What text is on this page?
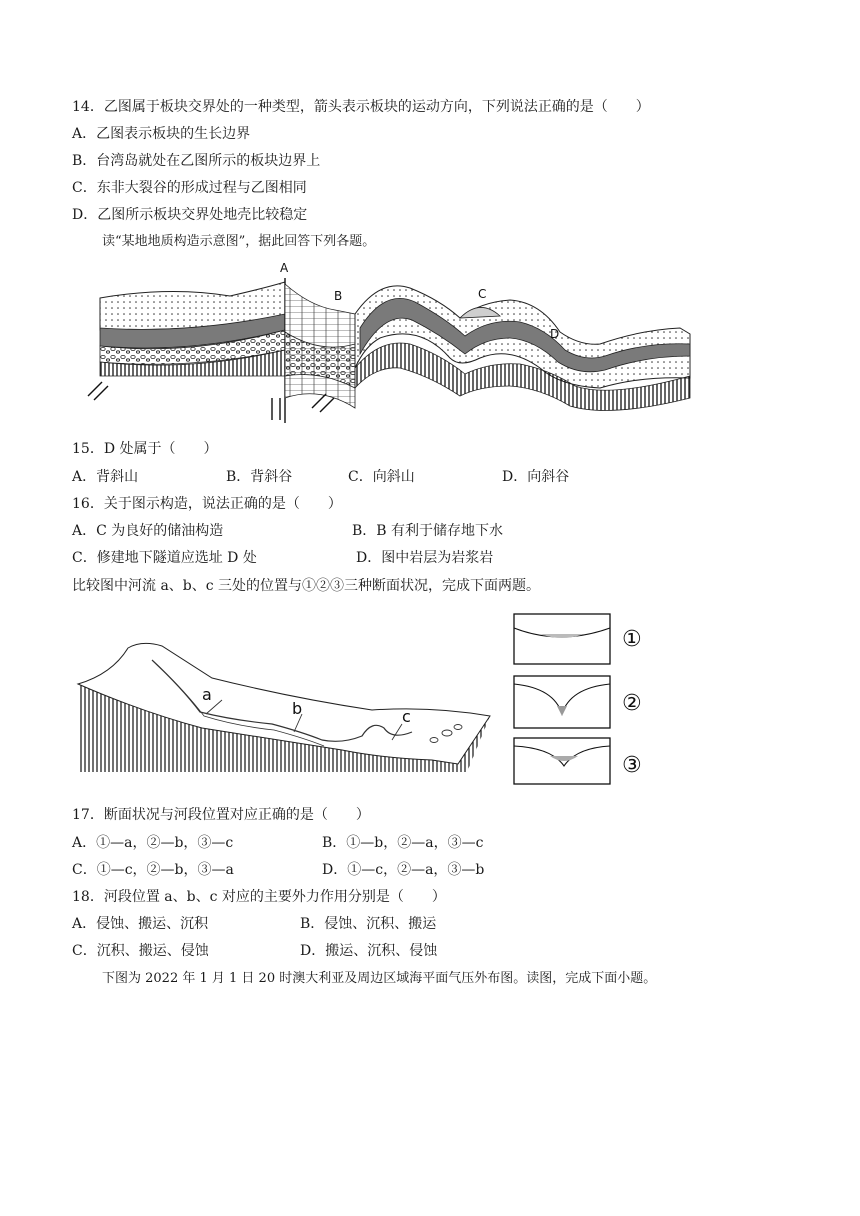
14．乙图属于板块交界处的一种类型，箭头表示板块的运动方向，下列说法正确的是（　　）
A．乙图表示板块的生长边界
B．台湾岛就处在乙图所示的板块边界上
C．东非大裂谷的形成过程与乙图相同
D．乙图所示板块交界处地壳比较稳定
读“某地地质构造示意图”，据此回答下列各题。
A
B	C
D
15．D 处属于（　　）
A．背斜山	B．背斜谷	C．向斜山	D．向斜谷
16．关于图示构造，说法正确的是（　　）
A．C 为良好的储油构造	B．B 有利于储存地下水
C．修建地下隧道应选址 D 处	D．图中岩层为岩浆岩
比较图中河流 a、b、c 三处的位置与①②③三种断面状况，完成下面两题。
a
b	c
①
②
③
17．断面状况与河段位置对应正确的是（　　）
A．①—a，②—b，③—c	B．①—b，②—a，③—c
C．①—c，②—b，③—a	D．①—c，②—a，③—b
18．河段位置 a、b、c 对应的主要外力作用分别是（　　）
A．侵蚀、搬运、沉积	B．侵蚀、沉积、搬运
C．沉积、搬运、侵蚀	D．搬运、沉积、侵蚀
下图为 2022 年 1 月 1 日 20 时澳大利亚及周边区域海平面气压外布图。读图，完成下面小题。
